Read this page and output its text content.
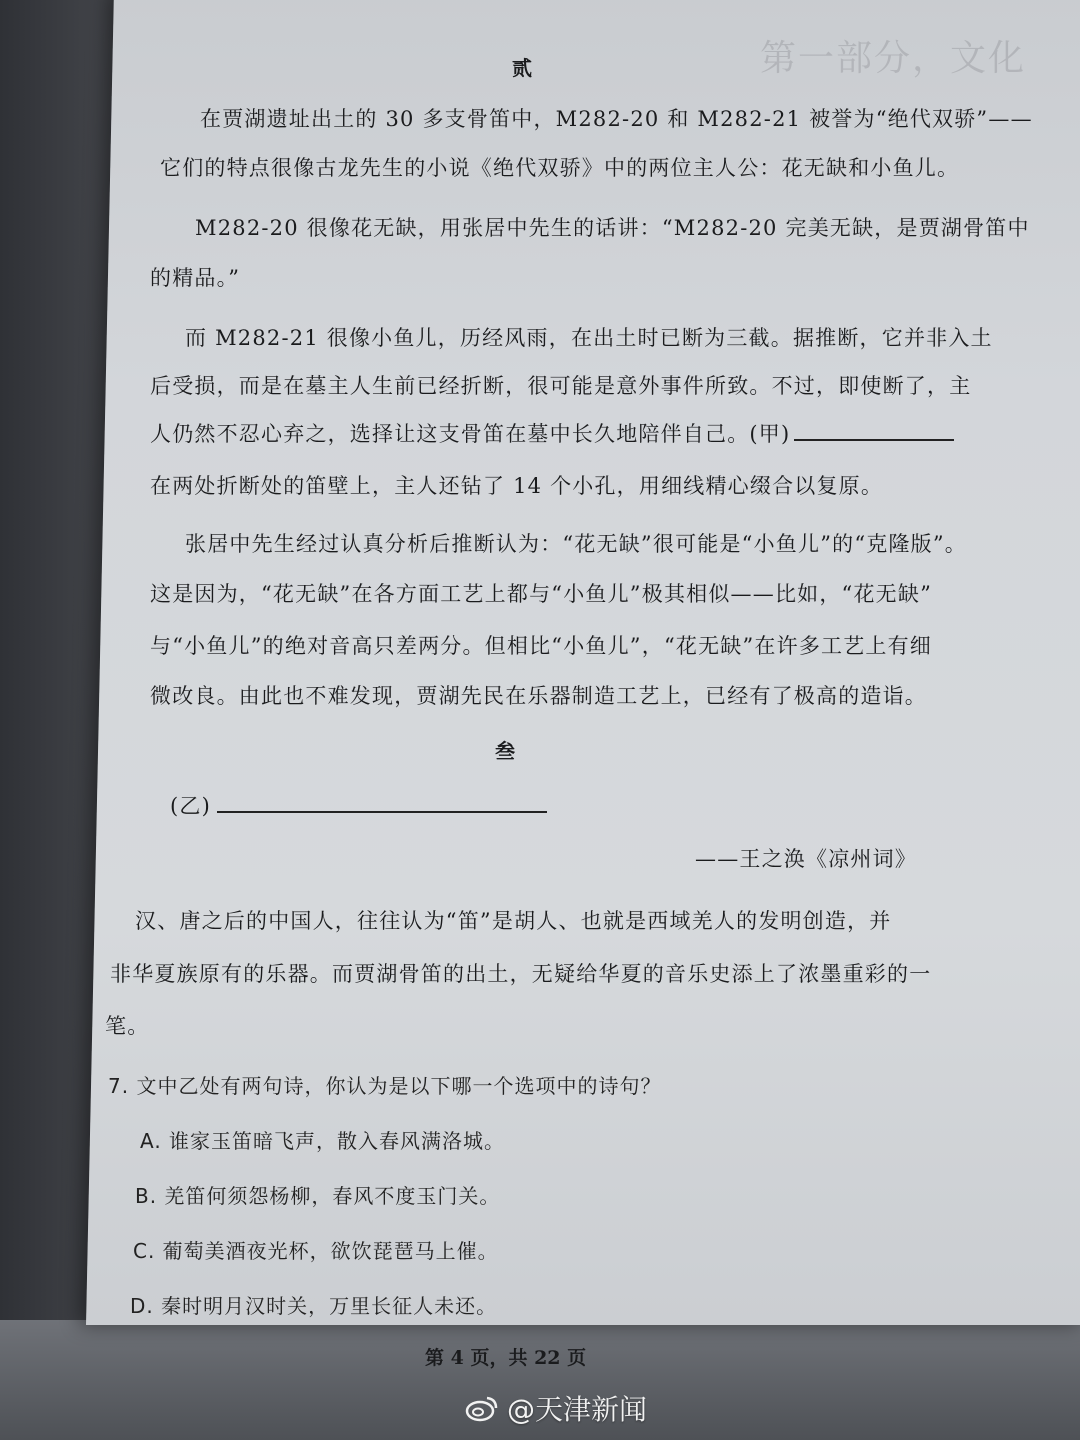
第一部分，文化
贰
在贾湖遗址出土的 30 多支骨笛中，M282-20 和 M282-21 被誉为“绝代双骄”——
它们的特点很像古龙先生的小说《绝代双骄》中的两位主人公：花无缺和小鱼儿。
M282-20 很像花无缺，用张居中先生的话讲：“M282-20 完美无缺，是贾湖骨笛中
的精品。”
而 M282-21 很像小鱼儿，历经风雨，在出土时已断为三截。据推断，它并非入土
后受损，而是在墓主人生前已经折断，很可能是意外事件所致。不过，即使断了，主
人仍然不忍心弃之，选择让这支骨笛在墓中长久地陪伴自己。(甲)
在两处折断处的笛壁上，主人还钻了 14 个小孔，用细线精心缀合以复原。
张居中先生经过认真分析后推断认为：“花无缺”很可能是“小鱼儿”的“克隆版”。
这是因为，“花无缺”在各方面工艺上都与“小鱼儿”极其相似——比如，“花无缺”
与“小鱼儿”的绝对音高只差两分。但相比“小鱼儿”，“花无缺”在许多工艺上有细
微改良。由此也不难发现，贾湖先民在乐器制造工艺上，已经有了极高的造诣。
叁
(乙)
——王之涣《凉州词》
汉、唐之后的中国人，往往认为“笛”是胡人、也就是西域羌人的发明创造，并
非华夏族原有的乐器。而贾湖骨笛的出土，无疑给华夏的音乐史添上了浓墨重彩的一
笔。
7. 文中乙处有两句诗，你认为是以下哪一个选项中的诗句？
A. 谁家玉笛暗飞声，散入春风满洛城。
B. 羌笛何须怨杨柳，春风不度玉门关。
C. 葡萄美酒夜光杯，欲饮琵琶马上催。
D. 秦时明月汉时关，万里长征人未还。
第 4 页，共 22 页
@天津新闻
